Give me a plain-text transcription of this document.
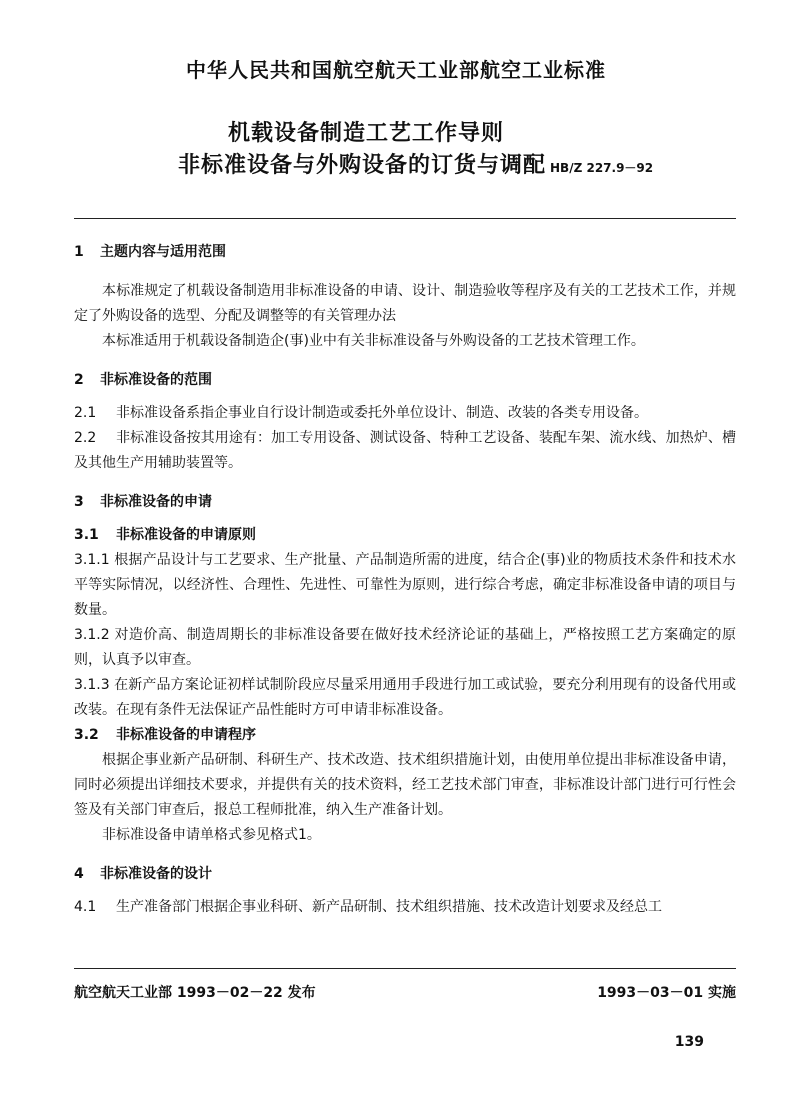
中华人民共和国航空航天工业部航空工业标准
机载设备制造工艺工作导则
非标准设备与外购设备的订货与调配 HB/Z 227.9－92
1 主题内容与适用范围

本标准规定了机载设备制造用非标准设备的申请、设计、制造验收等程序及有关的工艺技术工作，并规定了外购设备的选型、分配及调整等的有关管理办法

本标准适用于机载设备制造企(事)业中有关非标准设备与外购设备的工艺技术管理工作。

2 非标准设备的范围

2.1 非标准设备系指企事业自行设计制造或委托外单位设计、制造、改装的各类专用设备。

2.2 非标准设备按其用途有：加工专用设备、测试设备、特种工艺设备、装配车架、流水线、加热炉、槽及其他生产用辅助装置等。

3 非标准设备的申请
3.1 非标准设备的申请原则

3.1.1 根据产品设计与工艺要求、生产批量、产品制造所需的进度，结合企(事)业的物质技术条件和技术水平等实际情况，以经济性、合理性、先进性、可靠性为原则，进行综合考虑，确定非标准设备申请的项目与数量。

3.1.2 对造价高、制造周期长的非标准设备要在做好技术经济论证的基础上，严格按照工艺方案确定的原则，认真予以审查。

3.1.3 在新产品方案论证初样试制阶段应尽量采用通用手段进行加工或试验，要充分利用现有的设备代用或改装。在现有条件无法保证产品性能时方可申请非标准设备。

3.2 非标准设备的申请程序

根据企事业新产品研制、科研生产、技术改造、技术组织措施计划，由使用单位提出非标准设备申请，同时必须提出详细技术要求，并提供有关的技术资料，经工艺技术部门审查，非标准设计部门进行可行性会签及有关部门审查后，报总工程师批准，纳入生产准备计划。

非标准设备申请单格式参见格式1。

4 非标准设备的设计

4.1 生产准备部门根据企事业科研、新产品研制、技术组织措施、技术改造计划要求及经总工

航空航天工业部 1993－02－22 发布	1993－03－01 实施
139
